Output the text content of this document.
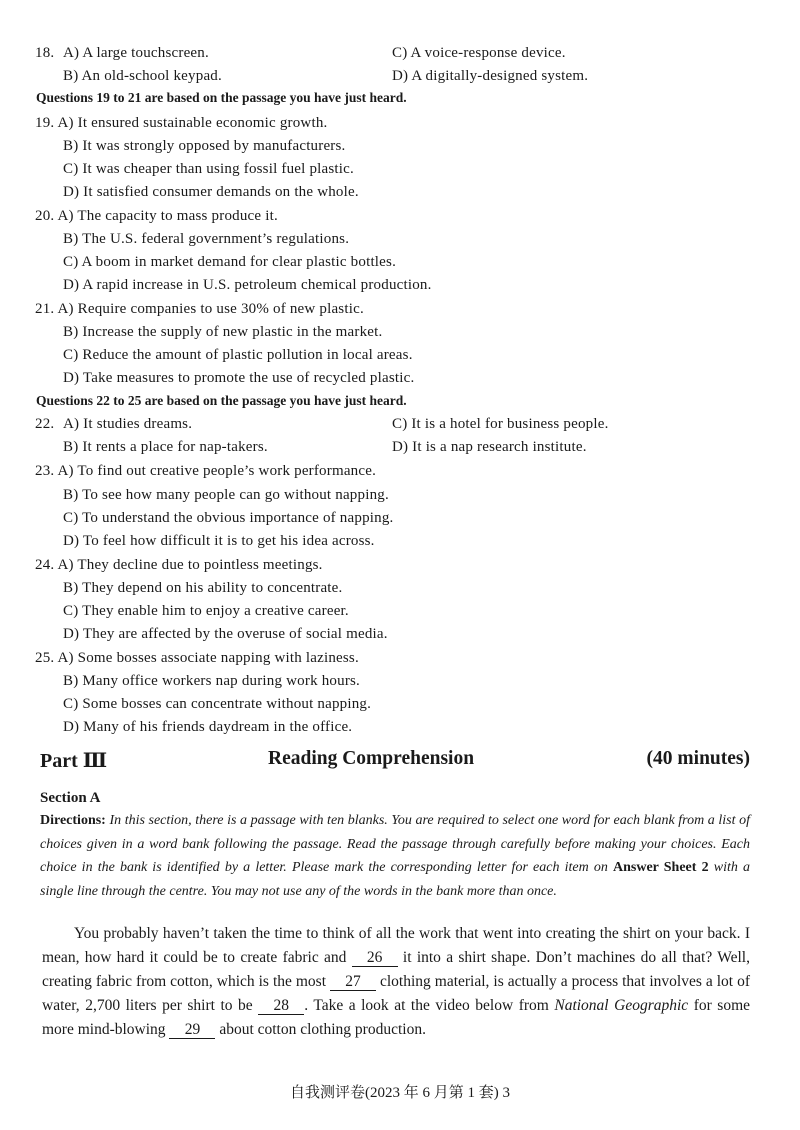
18. A) A large touchscreen.	C) A voice-response device.
B) An old-school keypad.	D) A digitally-designed system.
Questions 19 to 21 are based on the passage you have just heard.
19. A) It ensured sustainable economic growth.
B) It was strongly opposed by manufacturers.
C) It was cheaper than using fossil fuel plastic.
D) It satisfied consumer demands on the whole.
20. A) The capacity to mass produce it.
B) The U.S. federal government’s regulations.
C) A boom in market demand for clear plastic bottles.
D) A rapid increase in U.S. petroleum chemical production.
21. A) Require companies to use 30% of new plastic.
B) Increase the supply of new plastic in the market.
C) Reduce the amount of plastic pollution in local areas.
D) Take measures to promote the use of recycled plastic.
Questions 22 to 25 are based on the passage you have just heard.
22. A) It studies dreams.	C) It is a hotel for business people.
B) It rents a place for nap-takers.	D) It is a nap research institute.
23. A) To find out creative people’s work performance.
B) To see how many people can go without napping.
C) To understand the obvious importance of napping.
D) To feel how difficult it is to get his idea across.
24. A) They decline due to pointless meetings.
B) They depend on his ability to concentrate.
C) They enable him to enjoy a creative career.
D) They are affected by the overuse of social media.
25. A) Some bosses associate napping with laziness.
B) Many office workers nap during work hours.
C) Some bosses can concentrate without napping.
D) Many of his friends daydream in the office.
Part Ⅲ	Reading Comprehension	(40 minutes)
Section A
Directions: In this section, there is a passage with ten blanks. You are required to select one word for each blank from a list of choices given in a word bank following the passage. Read the passage through carefully before making your choices. Each choice in the bank is identified by a letter. Please mark the corresponding letter for each item on Answer Sheet 2 with a single line through the centre. You may not use any of the words in the bank more than once.
You probably haven’t taken the time to think of all the work that went into creating the shirt on your back. I mean, how hard it could be to create fabric and 26 it into a shirt shape. Don’t machines do all that? Well, creating fabric from cotton, which is the most 27 clothing material, is actually a process that involves a lot of water, 2,700 liters per shirt to be 28 . Take a look at the video below from National Geographic for some more mind-blowing 29 about cotton clothing production.
自我测评卷(2023 年 6 月第 1 套) 3
